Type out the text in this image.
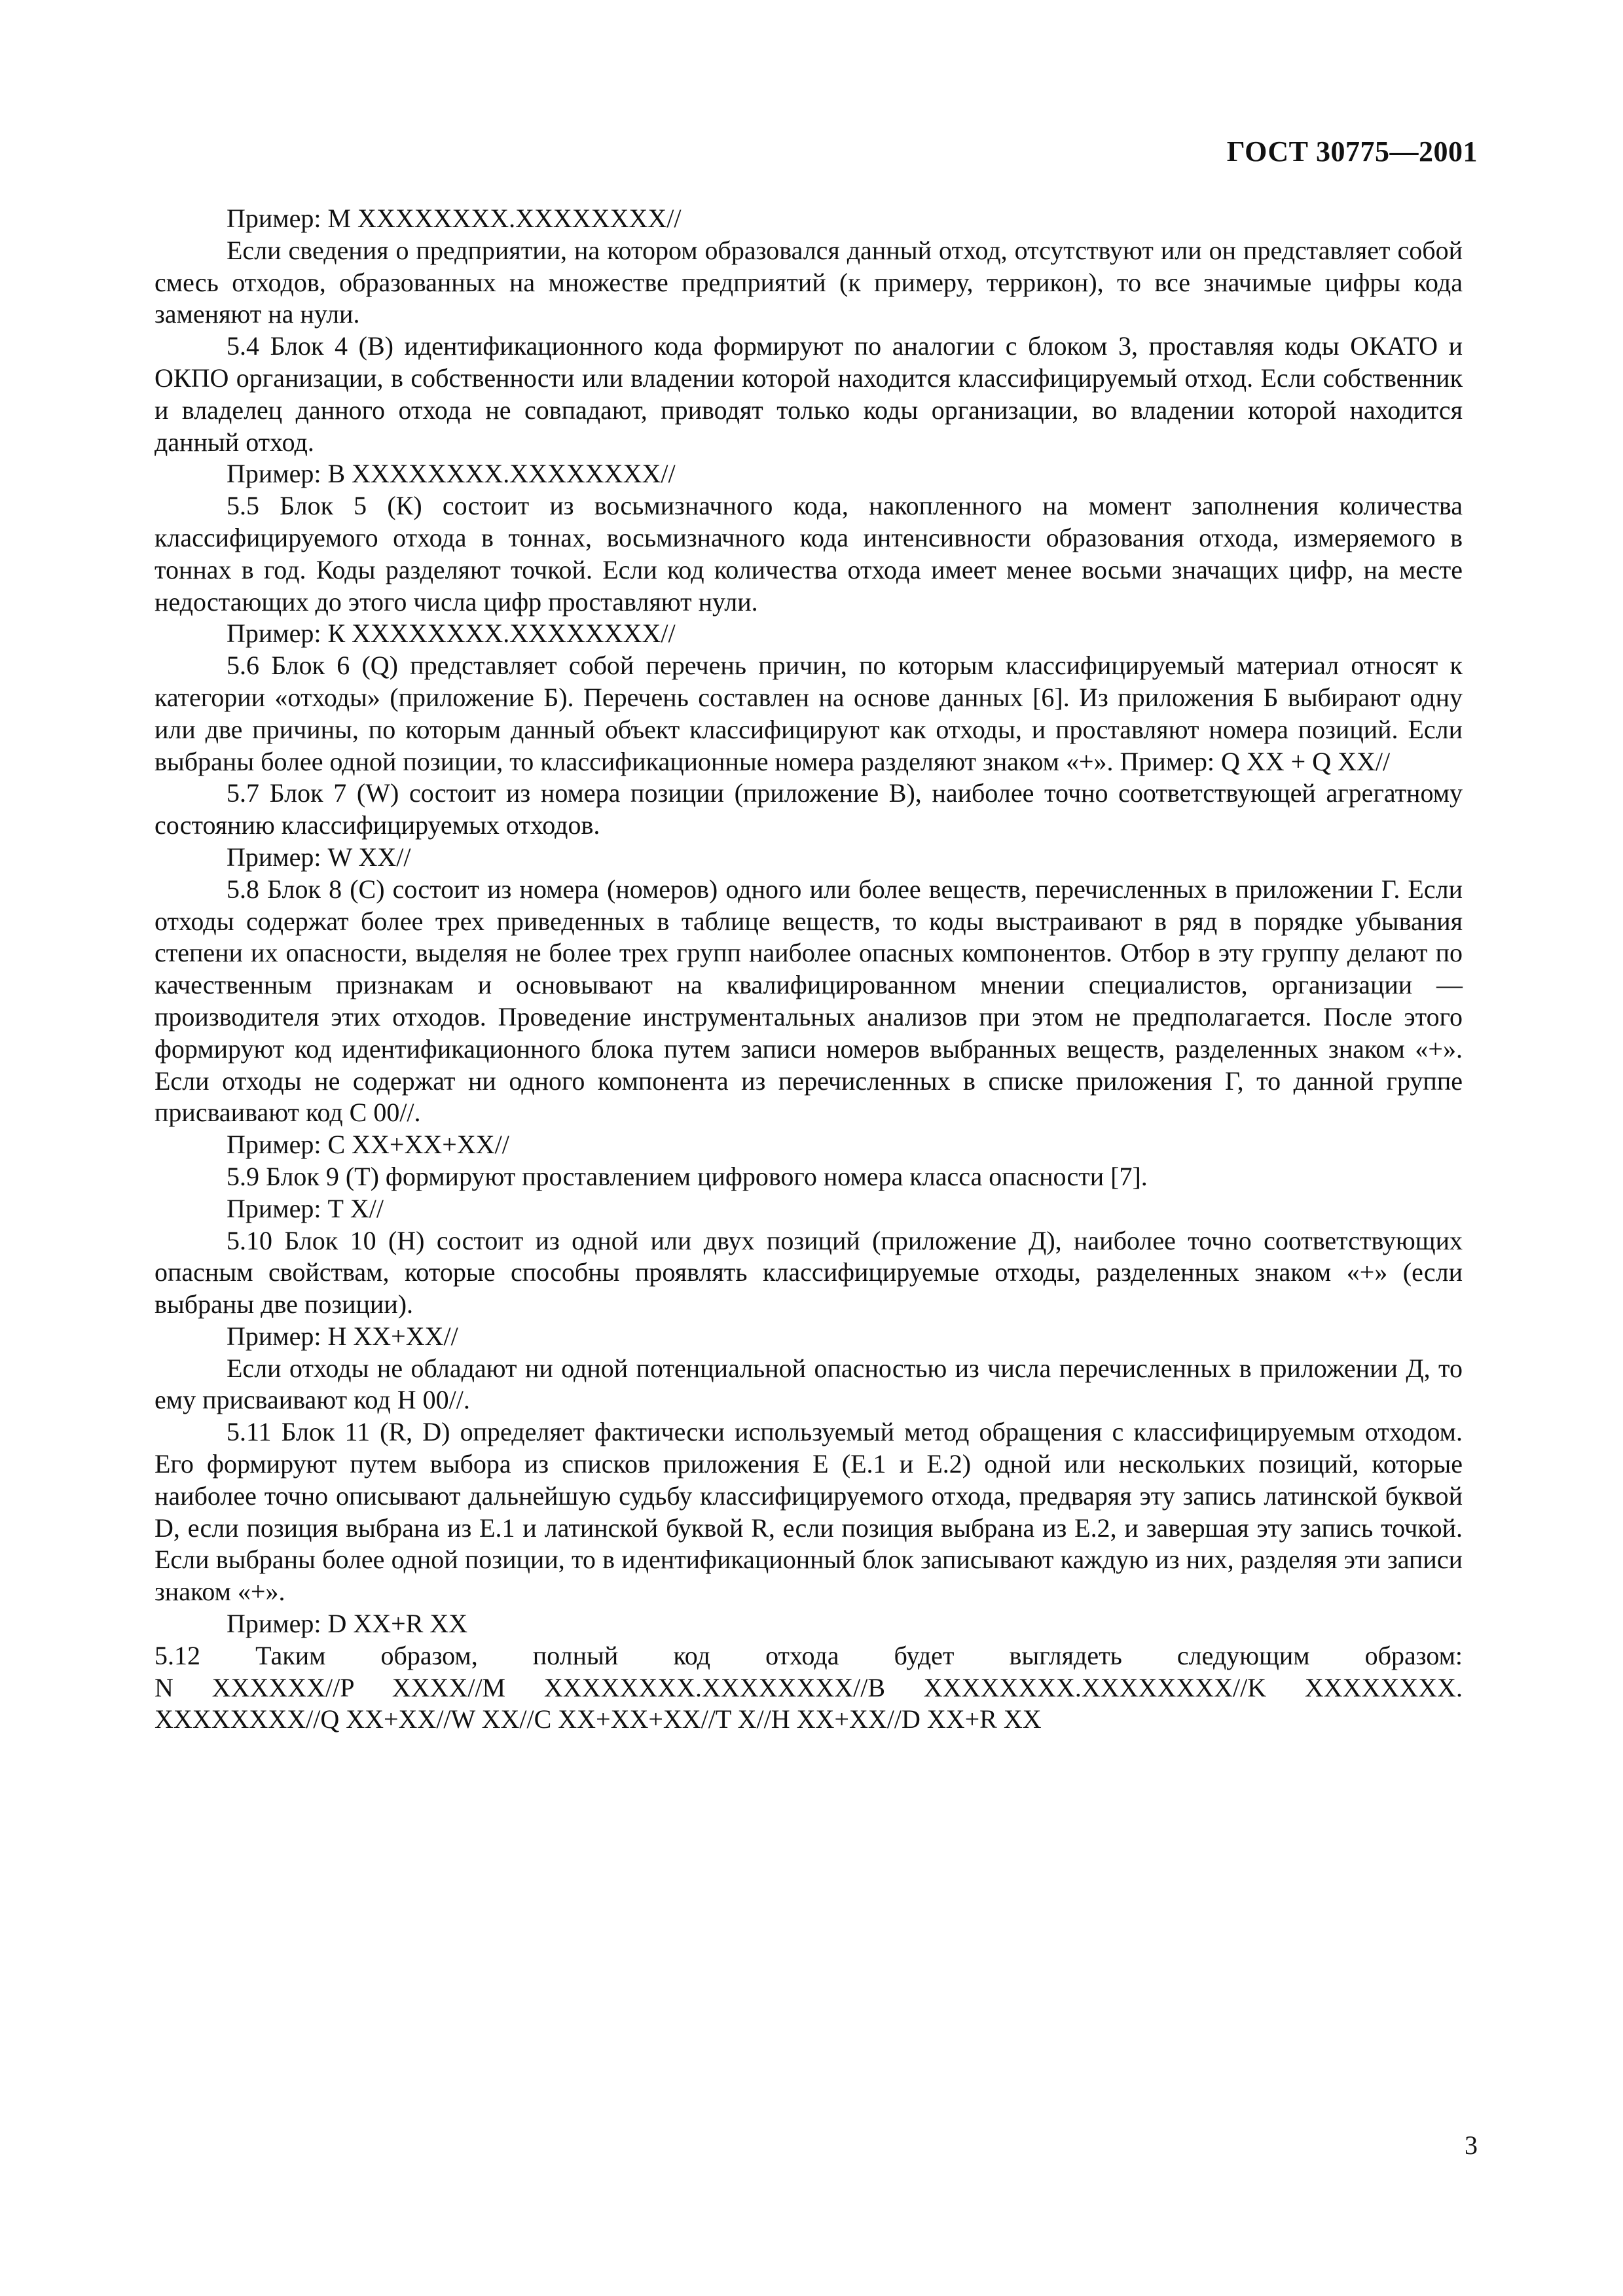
ГОСТ 30775—2001

Пример: М XXXXXXXX.XXXXXXXX//

Если сведения о предприятии, на котором образовался данный отход, отсутствуют или он представляет собой смесь отходов, образованных на множестве предприятий (к примеру, террикон), то все значимые цифры кода заменяют на нули.

5.4 Блок 4 (В) идентификационного кода формируют по аналогии с блоком 3, проставляя коды ОКАТО и ОКПО организации, в собственности или владении которой находится классифицируемый отход. Если собственник и владелец данного отхода не совпадают, приводят только коды организации, во владении которой находится данный отход.

Пример: В XXXXXXXX.XXXXXXXX//

5.5 Блок 5 (К) состоит из восьмизначного кода, накопленного на момент заполнения количества классифицируемого отхода в тоннах, восьмизначного кода интенсивности образования отхода, измеряемого в тоннах в год. Коды разделяют точкой. Если код количества отхода имеет менее восьми значащих цифр, на месте недостающих до этого числа цифр проставляют нули.

Пример: К XXXXXXXX.XXXXXXXX//

5.6 Блок 6 (Q) представляет собой перечень причин, по которым классифицируемый материал относят к категории «отходы» (приложение Б). Перечень составлен на основе данных [6]. Из приложения Б выбирают одну или две причины, по которым данный объект классифицируют как отходы, и проставляют номера позиций. Если выбраны более одной позиции, то классификационные номера разделяют знаком «+». Пример: Q XX + Q XX//

5.7 Блок 7 (W) состоит из номера позиции (приложение В), наиболее точно соответствующей агрегатному состоянию классифицируемых отходов.

Пример: W XX//

5.8 Блок 8 (С) состоит из номера (номеров) одного или более веществ, перечисленных в приложении Г. Если отходы содержат более трех приведенных в таблице веществ, то коды выстраивают в ряд в порядке убывания степени их опасности, выделяя не более трех групп наиболее опасных компонентов. Отбор в эту группу делают по качественным признакам и основывают на квалифицированном мнении специалистов, организации — производителя этих отходов. Проведение инструментальных анализов при этом не предполагается. После этого формируют код идентификационного блока путем записи номеров выбранных веществ, разделенных знаком «+». Если отходы не содержат ни одного компонента из перечисленных в списке приложения Г, то данной группе присваивают код С 00//.

Пример: С XX+XX+XX//

5.9 Блок 9 (Т) формируют проставлением цифрового номера класса опасности [7].

Пример: Т X//

5.10 Блок 10 (Н) состоит из одной или двух позиций (приложение Д), наиболее точно соответствующих опасным свойствам, которые способны проявлять классифицируемые отходы, разделенных знаком «+» (если выбраны две позиции).

Пример: Н XX+XX//

Если отходы не обладают ни одной потенциальной опасностью из числа перечисленных в приложении Д, то ему присваивают код Н 00//.

5.11 Блок 11 (R, D) определяет фактически используемый метод обращения с классифицируемым отходом. Его формируют путем выбора из списков приложения Е (Е.1 и Е.2) одной или нескольких позиций, которые наиболее точно описывают дальнейшую судьбу классифицируемого отхода, предваряя эту запись латинской буквой D, если позиция выбрана из Е.1 и латинской буквой R, если позиция выбрана из Е.2, и завершая эту запись точкой. Если выбраны более одной позиции, то в идентификационный блок записывают каждую из них, разделяя эти записи знаком «+».

Пример: D XX+R XX

5.12 Таким образом, полный код отхода будет выглядеть следующим образом:

N XXXXXX//P XXXX//M XXXXXXXX.XXXXXXXX//B XXXXXXXX.XXXXXXXX//K XXXXXXXX.

XXXXXXXX//Q XX+XX//W XX//C XX+XX+XX//T X//H XX+XX//D XX+R XX

3
